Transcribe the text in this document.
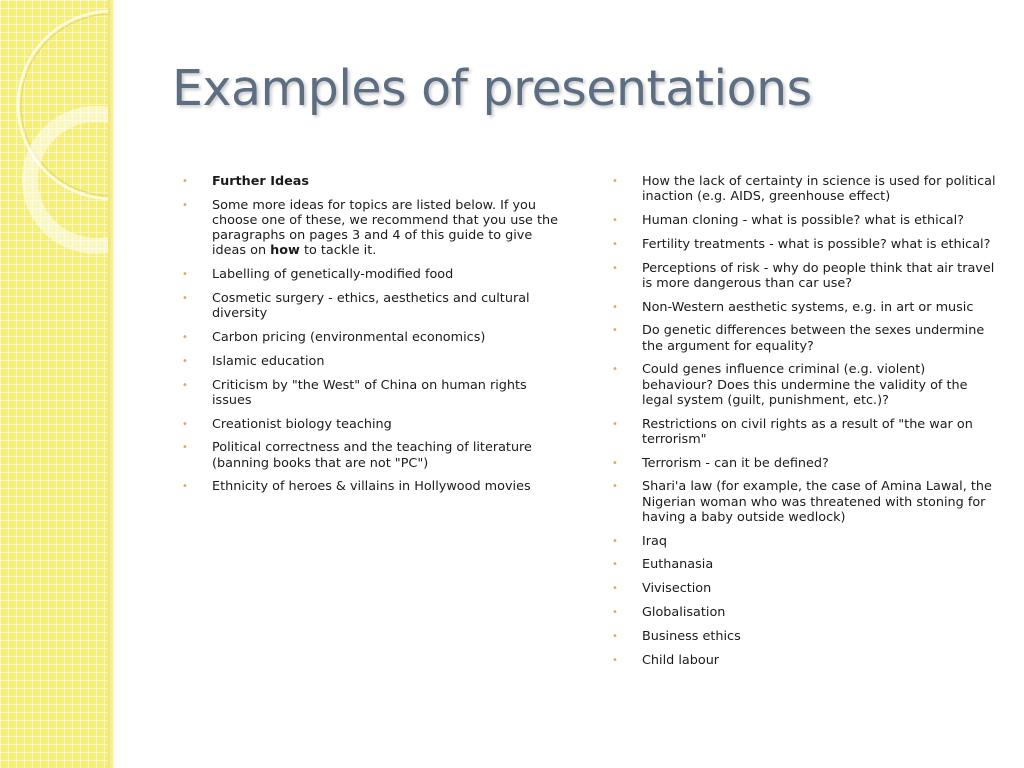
Examples of presentations
•	Further Ideas
•	Some more ideas for topics are listed below. If you choose one of these, we recommend that you use the paragraphs on pages 3 and 4 of this guide to give ideas on how to tackle it.
•	Labelling of genetically-modified food
•	Cosmetic surgery - ethics, aesthetics and cultural diversity
•	Carbon pricing (environmental economics)
•	Islamic education
•	Criticism by "the West" of China on human rights issues
•	Creationist biology teaching
•	Political correctness and the teaching of literature (banning books that are not "PC")
•	Ethnicity of heroes & villains in Hollywood movies
•	How the lack of certainty in science is used for political inaction (e.g. AIDS, greenhouse effect)
•	Human cloning - what is possible? what is ethical?
•	Fertility treatments - what is possible? what is ethical?
•	Perceptions of risk - why do people think that air travel is more dangerous than car use?
•	Non-Western aesthetic systems, e.g. in art or music
•	Do genetic differences between the sexes undermine the argument for equality?
•	Could genes influence criminal (e.g. violent) behaviour? Does this undermine the validity of the legal system (guilt, punishment, etc.)?
•	Restrictions on civil rights as a result of "the war on terrorism"
•	Terrorism - can it be defined?
•	Shari'a law (for example, the case of Amina Lawal, the Nigerian woman who was threatened with stoning for having a baby outside wedlock)
•	Iraq
•	Euthanasia
•	Vivisection
•	Globalisation
•	Business ethics
•	Child labour
